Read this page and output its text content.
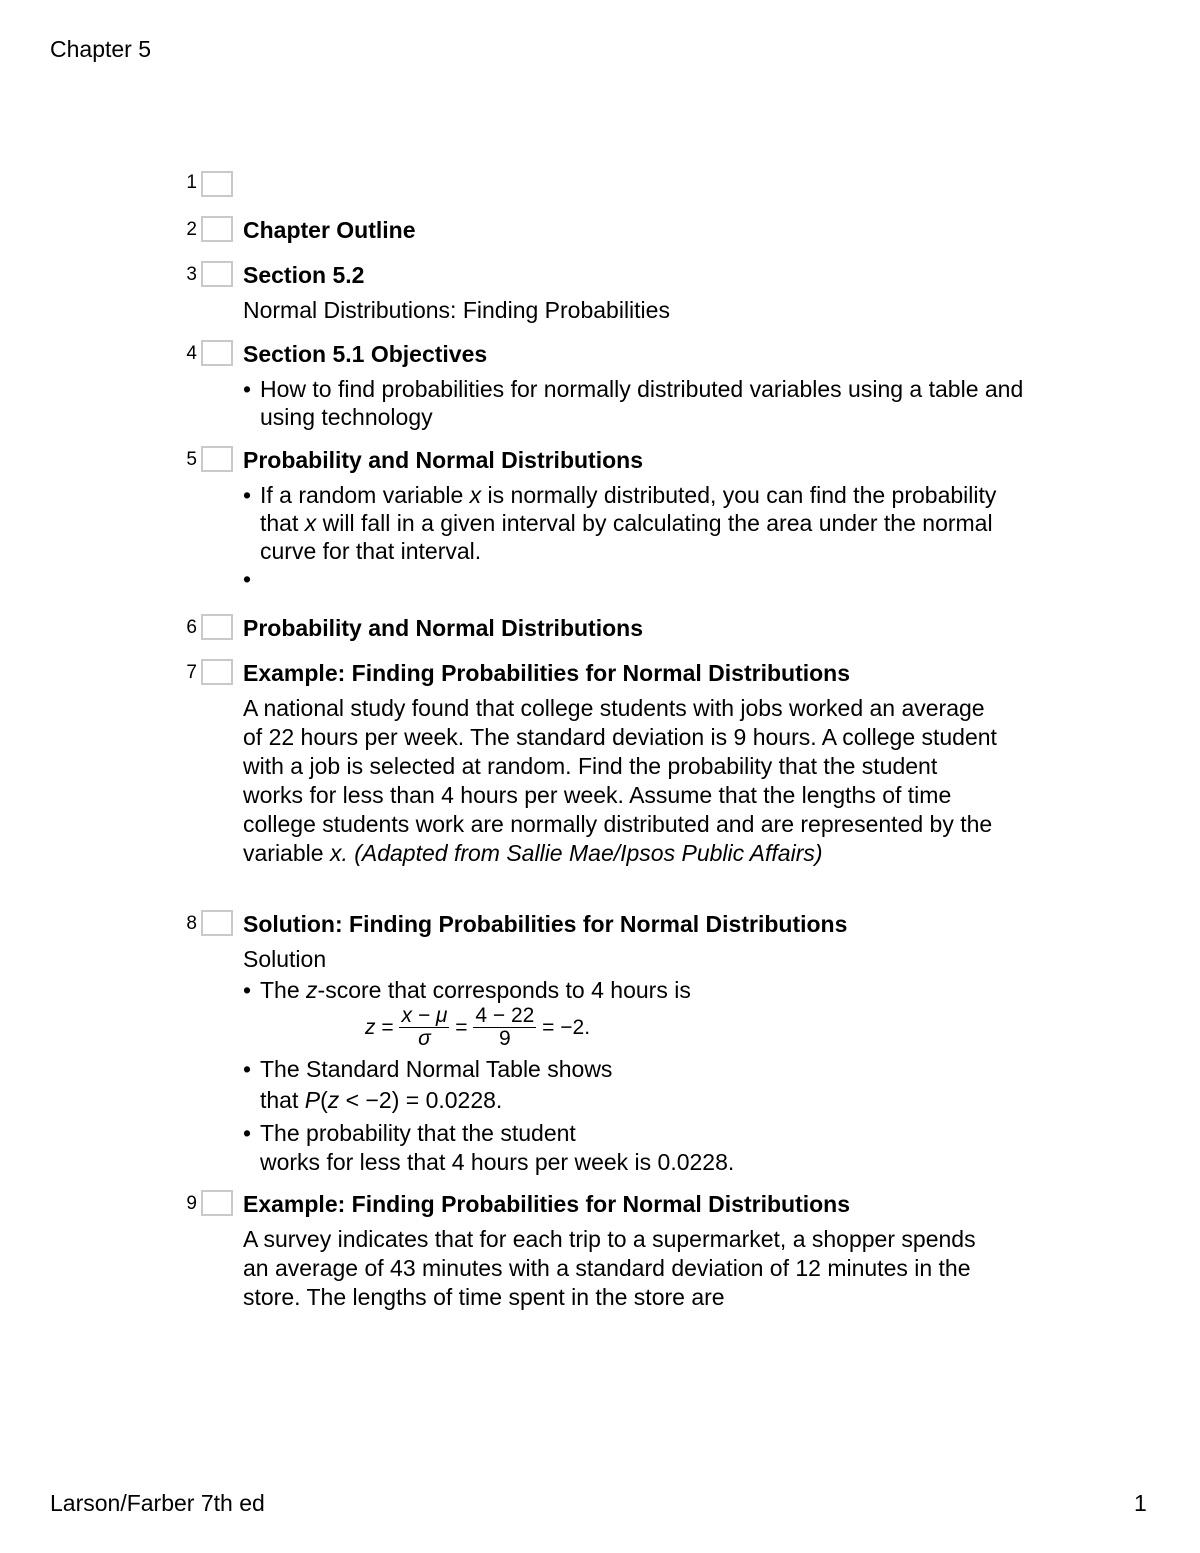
Chapter 5
1
2 Chapter Outline
3 Section 5.2
Normal Distributions: Finding Probabilities
4 Section 5.1 Objectives
• How to find probabilities for normally distributed variables using a table and using technology
5 Probability and Normal Distributions
• If a random variable x is normally distributed, you can find the probability that x will fall in a given interval by calculating the area under the normal curve for that interval.
•
6 Probability and Normal Distributions
7 Example: Finding Probabilities for Normal Distributions
A national study found that college students with jobs worked an average of 22 hours per week. The standard deviation is 9 hours. A college student with a job is selected at random. Find the probability that the student works for less than 4 hours per week. Assume that the lengths of time college students work are normally distributed and are represented by the variable x. (Adapted from Sallie Mae/Ipsos Public Affairs)
8 Solution: Finding Probabilities for Normal Distributions
Solution
• The z-score that corresponds to 4 hours is
$z = \frac{x - \mu}{\sigma} = \frac{4 - 22}{9} = -2$.
• The Standard Normal Table shows
that P(z < −2) = 0.0228.
• The probability that the student
works for less that 4 hours per week is 0.0228.
9 Example: Finding Probabilities for Normal Distributions
A survey indicates that for each trip to a supermarket, a shopper spends an average of 43 minutes with a standard deviation of 12 minutes in the store. The lengths of time spent in the store are
Larson/Farber 7th ed	1
